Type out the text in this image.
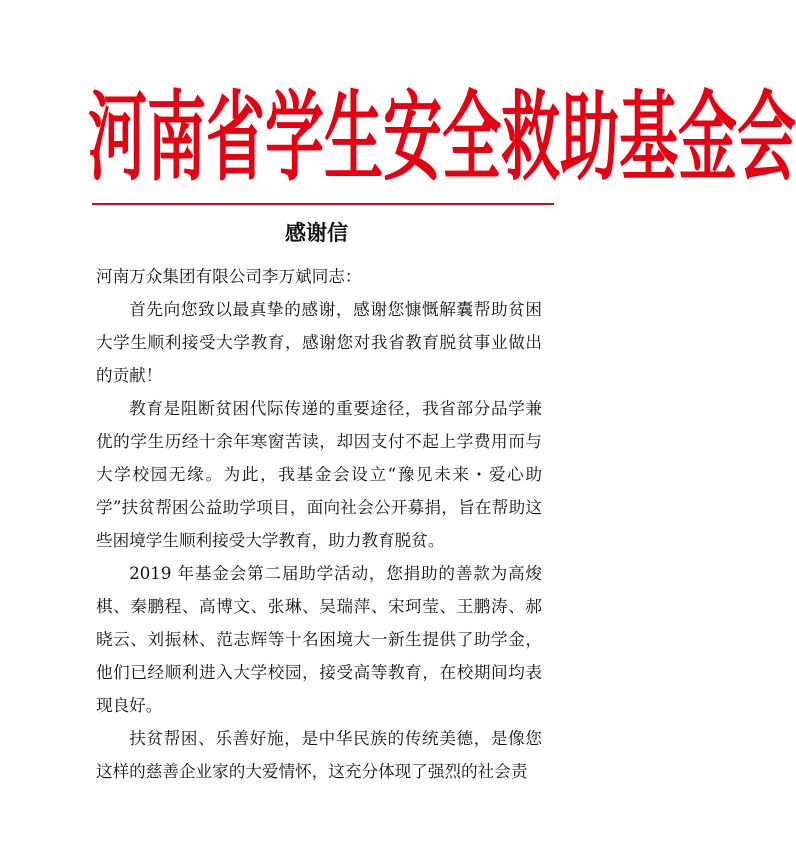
河 南 省 学 生 安 全 救 助 基 金 会
感谢信

河南万众集团有限公司李万斌同志：

首先向您致以最真挚的感谢，感谢您慷慨解囊帮助贫困大学生顺利接受大学教育，感谢您对我省教育脱贫事业做出的贡献！

教育是阻断贫困代际传递的重要途径，我省部分品学兼优的学生历经十余年寒窗苦读，却因支付不起上学费用而与大学校园无缘。为此，我基金会设立“豫见未来・爱心助学”扶贫帮困公益助学项目，面向社会公开募捐，旨在帮助这些困境学生顺利接受大学教育，助力教育脱贫。

2019 年基金会第二届助学活动，您捐助的善款为高焌棋、秦鹏程、高博文、张琳、吴瑞萍、宋珂莹、王鹏涛、郝晓云、刘振林、范志辉等十名困境大一新生提供了助学金，他们已经顺利进入大学校园，接受高等教育，在校期间均表现良好。

扶贫帮困、乐善好施，是中华民族的传统美德，是像您这样的慈善企业家的大爱情怀，这充分体现了强烈的社会责
